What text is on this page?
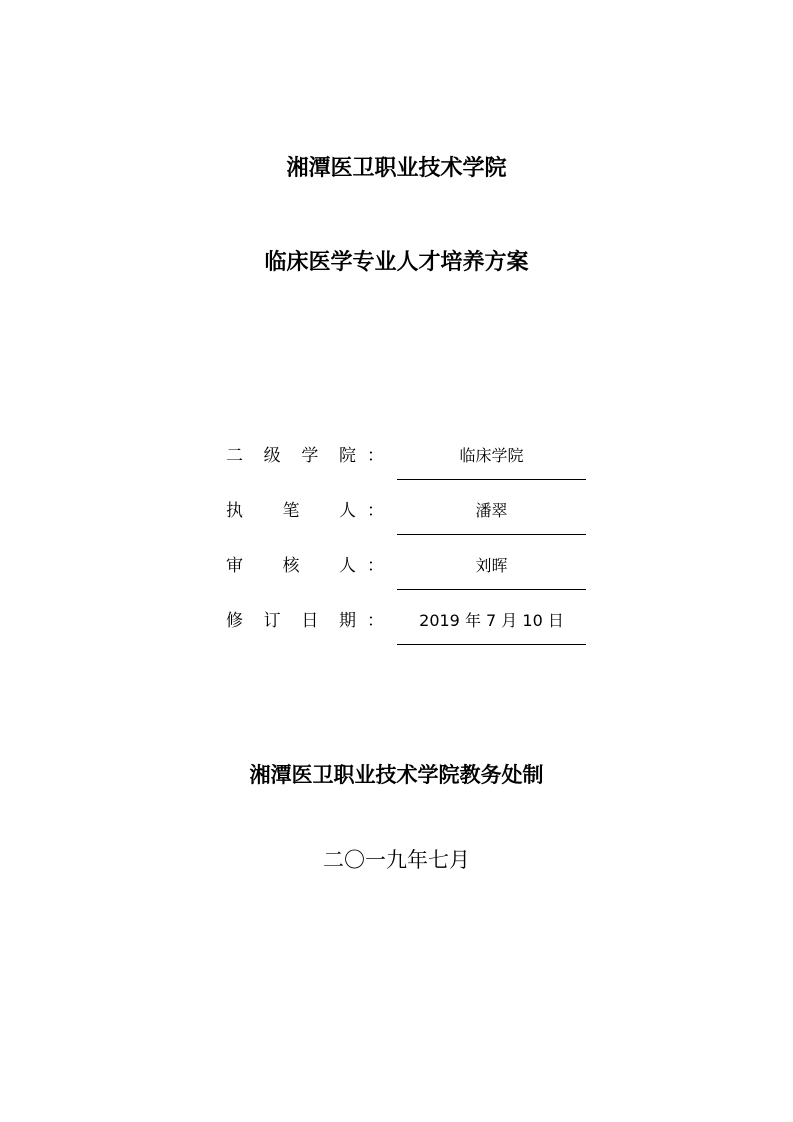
湘潭医卫职业技术学院
临床医学专业人才培养方案
二 级 学 院 ：	临床学院
执 笔 人 ：	潘翠
审 核 人 ：	刘晖
修 订 日 期 ：	2019 年 7 月 10 日
湘潭医卫职业技术学院教务处制
二〇一九年七月
